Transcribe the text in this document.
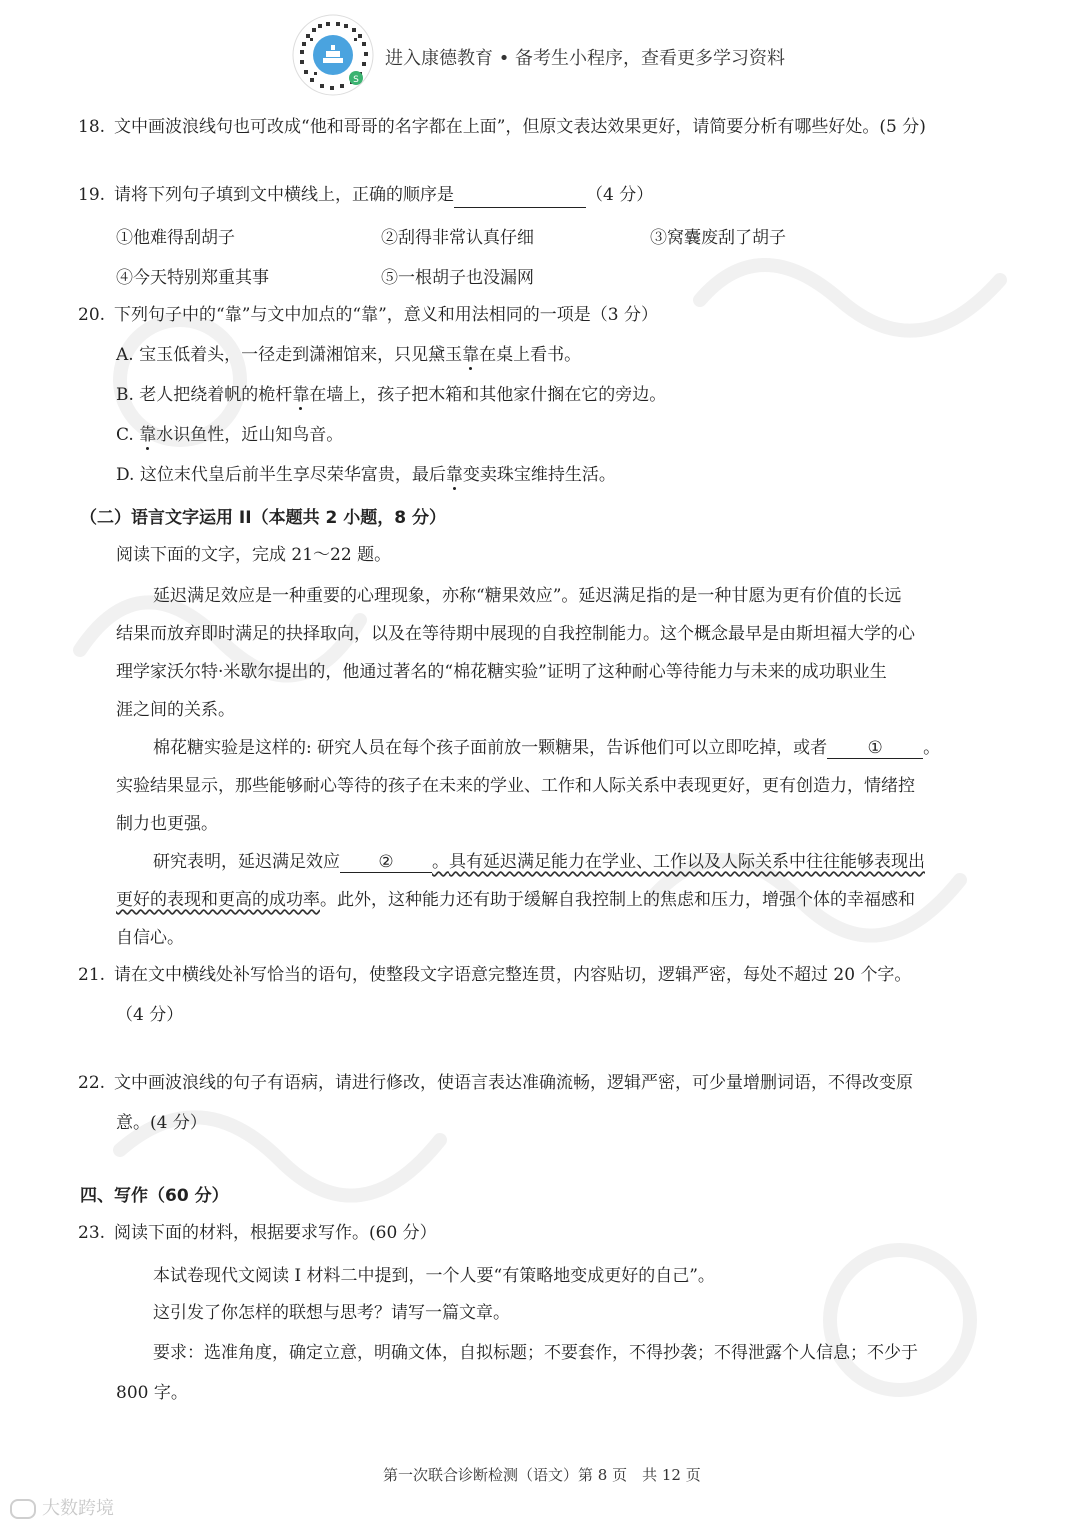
S
进入康德教育 • 备考生小程序，查看更多学习资料
18. 文中画波浪线句也可改成“他和哥哥的名字都在上面”，但原文表达效果更好，请简要分析有哪些好处。(5 分)
19. 请将下列句子填到文中横线上，正确的顺序是	（4 分）
①他难得刮胡子	②刮得非常认真仔细	③窝囊废刮了胡子
④今天特别郑重其事	⑤一根胡子也没漏网
20. 下列句子中的“靠”与文中加点的“靠”，意义和用法相同的一项是（3 分）
A. 宝玉低着头，一径走到潇湘馆来，只见黛玉靠在桌上看书。
B. 老人把绕着帆的桅杆靠在墙上，孩子把木箱和其他家什搁在它的旁边。
C. 靠水识鱼性，近山知鸟音。
D. 这位末代皇后前半生享尽荣华富贵，最后靠变卖珠宝维持生活。
（二）语言文字运用 II（本题共 2 小题，8 分）
阅读下面的文字，完成 21～22 题。
延迟满足效应是一种重要的心理现象，亦称“糖果效应”。延迟满足指的是一种甘愿为更有价值的长远
结果而放弃即时满足的抉择取向，以及在等待期中展现的自我控制能力。这个概念最早是由斯坦福大学的心
理学家沃尔特·米歇尔提出的，他通过著名的“棉花糖实验”证明了这种耐心等待能力与未来的成功职业生
涯之间的关系。
棉花糖实验是这样的: 研究人员在每个孩子面前放一颗糖果，告诉他们可以立即吃掉，或者 ① 。
实验结果显示，那些能够耐心等待的孩子在未来的学业、工作和人际关系中表现更好，更有创造力，情绪控
制力也更强。
研究表明，延迟满足效应 ② 。具有延迟满足能力在学业、工作以及人际关系中往往能够表现出
更好的表现和更高的成功率。此外，这种能力还有助于缓解自我控制上的焦虑和压力，增强个体的幸福感和
自信心。
21. 请在文中横线处补写恰当的语句，使整段文字语意完整连贯，内容贴切，逻辑严密，每处不超过 20 个字。
（4 分）
22. 文中画波浪线的句子有语病，请进行修改，使语言表达准确流畅，逻辑严密，可少量增删词语，不得改变原
意。(4 分）
四、写作（60 分）
23. 阅读下面的材料，根据要求写作。(60 分）
本试卷现代文阅读 I 材料二中提到，一个人要“有策略地变成更好的自己”。
这引发了你怎样的联想与思考？请写一篇文章。
要求：选准角度，确定立意，明确文体，自拟标题；不要套作，不得抄袭；不得泄露个人信息；不少于
800 字。
第一次联合诊断检测（语文）第 8 页　共 12 页
大数跨境
